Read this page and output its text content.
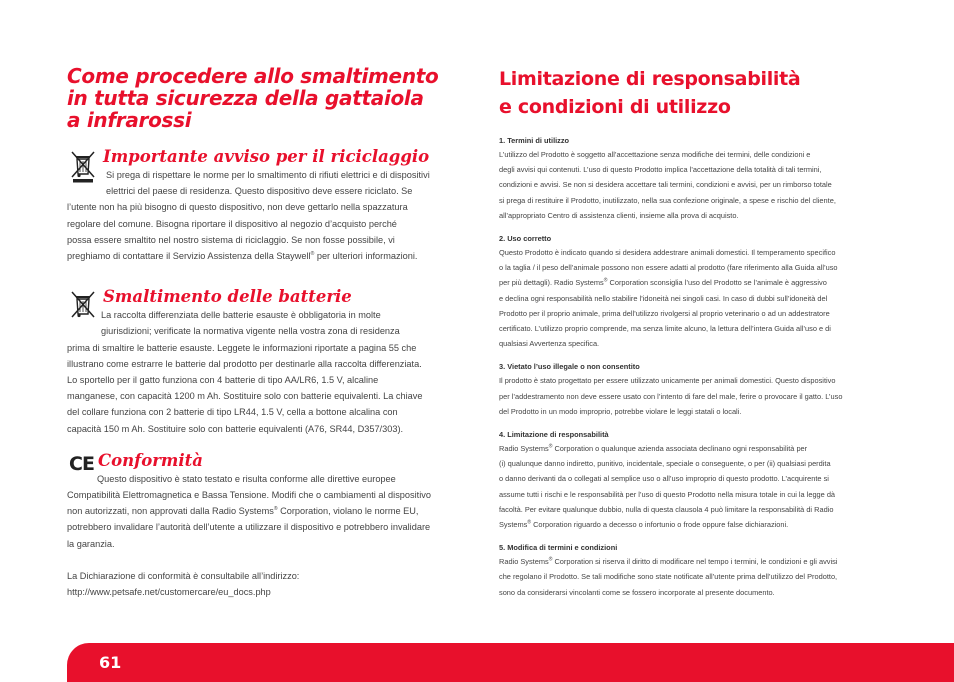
Come procedere allo smaltimento
in tutta sicurezza della gattaiola
a infrarossi
Importante avviso per il riciclaggio

Si prega di rispettare le norme per lo smaltimento di rifiuti elettrici e di dispositivi
elettrici del paese di residenza. Questo dispositivo deve essere riciclato. Se
l’utente non ha più bisogno di questo dispositivo, non deve gettarlo nella spazzatura
regolare del comune. Bisogna riportare il dispositivo al negozio d’acquisto perché
possa essere smaltito nel nostro sistema di riciclaggio. Se non fosse possibile, vi
preghiamo di contattare il Servizio Assistenza della Staywell® per ulteriori informazioni.

Smaltimento delle batterie

La raccolta differenziata delle batterie esauste è obbligatoria in molte
giurisdizioni; verificate la normativa vigente nella vostra zona di residenza
prima di smaltire le batterie esauste. Leggete le informazioni riportate a pagina 55 che
illustrano come estrarre le batterie dal prodotto per destinarle alla raccolta differenziata.
Lo sportello per il gatto funziona con 4 batterie di tipo AA/LR6, 1.5 V, alcaline
manganese, con capacità 1200 m Ah. Sostituire solo con batterie equivalenti. La chiave
del collare funziona con 2 batterie di tipo LR44, 1.5 V, cella a bottone alcalina con
capacità 150 m Ah. Sostituire solo con batterie equivalenti (A76, SR44, D357/303).

CE Conformità

Questo dispositivo è stato testato e risulta conforme alle direttive europee
Compatibilità Elettromagnetica e Bassa Tensione. Modifi che o cambiamenti al dispositivo
non autorizzati, non approvati dalla Radio Systems® Corporation, violano le norme EU,
potrebbero invalidare l’autorità dell’utente a utilizzare il dispositivo e potrebbero invalidare
la garanzia.

La Dichiarazione di conformità è consultabile all’indirizzo:
http://www.petsafe.net/customercare/eu_docs.php

Limitazione di responsabilità
e condizioni di utilizzo

1. Termini di utilizzo

L’utilizzo del Prodotto è soggetto all’accettazione senza modifiche dei termini, delle condizioni e
degli avvisi qui contenuti. L’uso di questo Prodotto implica l’accettazione della totalità di tali termini,
condizioni e avvisi. Se non si desidera accettare tali termini, condizioni e avvisi, per un rimborso totale
si prega di restituire il Prodotto, inutilizzato, nella sua confezione originale, a spese e rischio del cliente,
all’appropriato Centro di assistenza clienti, insieme alla prova di acquisto.

2. Uso corretto

Questo Prodotto è indicato quando si desidera addestrare animali domestici. Il temperamento specifico
o la taglia / il peso dell’animale possono non essere adatti al prodotto (fare riferimento alla Guida all’uso
per più dettagli). Radio Systems® Corporation sconsiglia l’uso del Prodotto se l’animale è aggressivo
e declina ogni responsabilità nello stabilire l’idoneità nei singoli casi. In caso di dubbi sull’idoneità del
Prodotto per il proprio animale, prima dell’utilizzo rivolgersi al proprio veterinario o ad un addestratore
certificato. L’utilizzo proprio comprende, ma senza limite alcuno, la lettura dell’intera Guida all’uso e di
qualsiasi Avvertenza specifica.

3. Vietato l’uso illegale o non consentito

Il prodotto è stato progettato per essere utilizzato unicamente per animali domestici. Questo dispositivo
per l’addestramento non deve essere usato con l’intento di fare del male, ferire o provocare il gatto. L’uso
del Prodotto in un modo improprio, potrebbe violare le leggi statali o locali.

4. Limitazione di responsabilità

Radio Systems® Corporation o qualunque azienda associata declinano ogni responsabilità per
(i) qualunque danno indiretto, punitivo, incidentale, speciale o conseguente, o per (ii) qualsiasi perdita
o danno derivanti da o collegati al semplice uso o all’uso improprio di questo prodotto. L’acquirente si
assume tutti i rischi e le responsabilità per l’uso di questo Prodotto nella misura totale in cui la legge dà
facoltà. Per evitare qualunque dubbio, nulla di questa clausola 4 può limitare la responsabilità di Radio
Systems® Corporation riguardo a decesso o infortunio o frode oppure false dichiarazioni.

5. Modifica di termini e condizioni

Radio Systems® Corporation si riserva il diritto di modificare nel tempo i termini, le condizioni e gli avvisi
che regolano il Prodotto. Se tali modifiche sono state notificate all’utente prima dell’utilizzo del Prodotto,
sono da considerarsi vincolanti come se fossero incorporate al presente documento.

61
